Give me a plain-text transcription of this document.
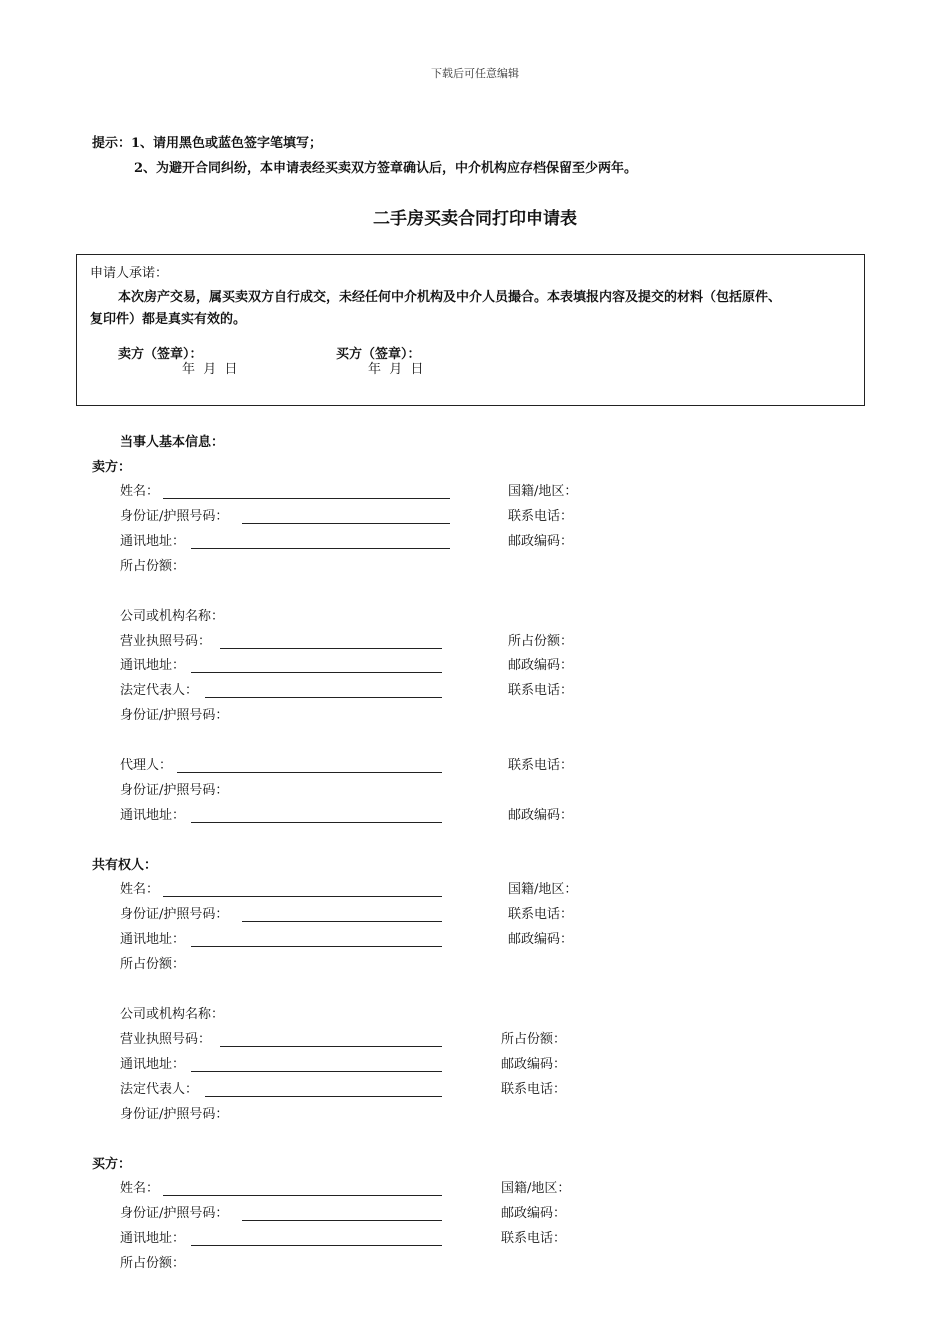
下载后可任意编辑
提示：1、请用黑色或蓝色签字笔填写；
2、为避开合同纠纷，本申请表经买卖双方签章确认后，中介机构应存档保留至少两年。
二手房买卖合同打印申请表
申请人承诺：
本次房产交易，属买卖双方自行成交，未经任何中介机构及中介人员撮合。本表填报内容及提交的材料（包括原件、
复印件）都是真实有效的。
卖方（签章）：	买方（签章）：
年  月  日	年  月  日
当事人基本信息：
卖方：
姓名：	国籍/地区：
身份证/护照号码：	联系电话：
通讯地址：	邮政编码：
所占份额：
公司或机构名称：
营业执照号码：	所占份额：
通讯地址：	邮政编码：
法定代表人：	联系电话：
身份证/护照号码：
代理人：	联系电话：
身份证/护照号码：
通讯地址：	邮政编码：
共有权人：
姓名：	国籍/地区：
身份证/护照号码：	联系电话：
通讯地址：	邮政编码：
所占份额：
公司或机构名称：
营业执照号码：	所占份额：
通讯地址：	邮政编码：
法定代表人：	联系电话：
身份证/护照号码：
买方：
姓名：	国籍/地区：
身份证/护照号码：	邮政编码：
通讯地址：	联系电话：
所占份额：
